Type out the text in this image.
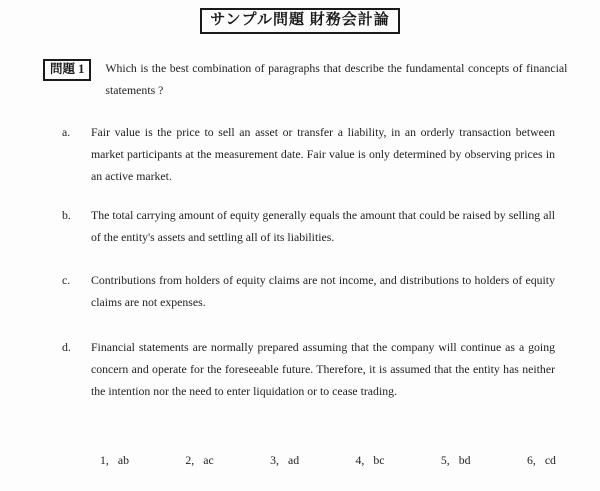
サンプル問題 財務会計論
問題 1	Which is the best combination of paragraphs that describe the fundamental concepts of financial statements ?
a.	Fair value is the price to sell an asset or transfer a liability, in an orderly transaction between market participants at the measurement date. Fair value is only determined by observing prices in an active market.
b.	The total carrying amount of equity generally equals the amount that could be raised by selling all of the entity's assets and settling all of its liabilities.
c.	Contributions from holders of equity claims are not income, and distributions to holders of equity claims are not expenses.
d.	Financial statements are normally prepared assuming that the company will continue as a going concern and operate for the foreseeable future. Therefore, it is assumed that the entity has neither the intention nor the need to enter liquidation or to cease trading.
1, ab	2, ac	3, ad	4, bc	5, bd	6, cd
